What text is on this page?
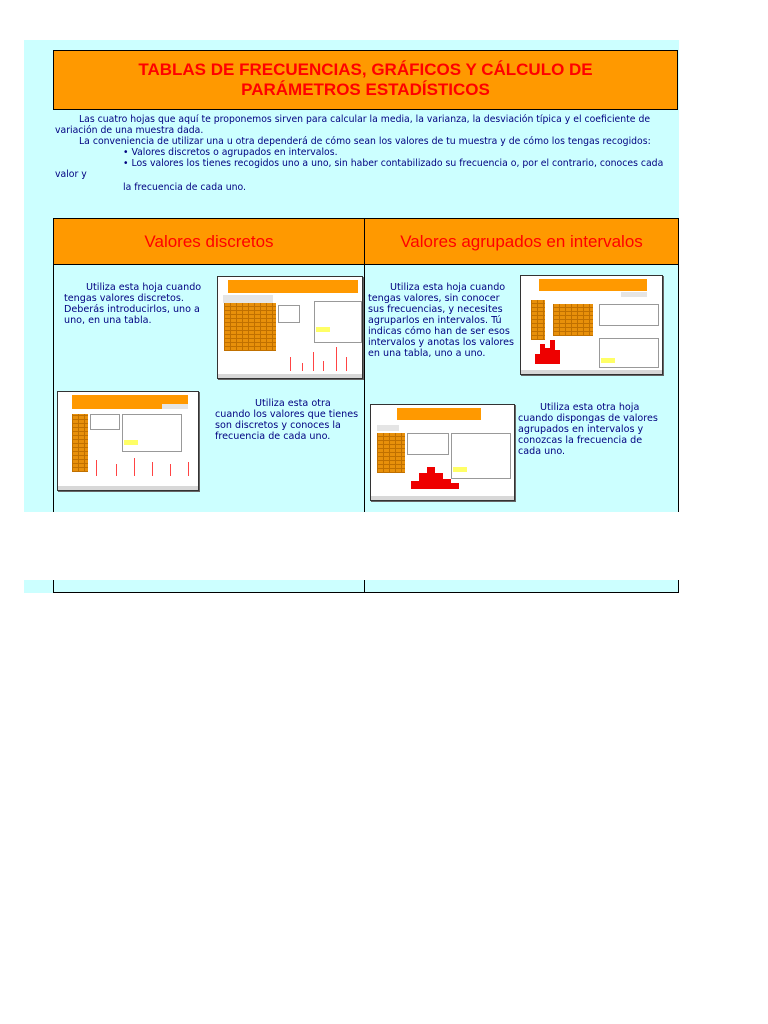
TABLAS DE FRECUENCIAS, GRÁFICOS Y CÁLCULO DE PARÁMETROS ESTADÍSTICOS

Las cuatro hojas que aquí te proponemos sirven para calcular la media, la varianza, la desviación típica y el coeficiente de

variación de una muestra dada.

La conveniencia de utilizar una u otra dependerá de cómo sean los valores de tu muestra y de cómo los tengas recogidos:

• Valores discretos o agrupados en intervalos.

• Los valores los tienes recogidos uno a uno, sin haber contabilizado su frecuencia o, por el contrario, conoces cada

valor y

la frecuencia de cada uno.

Valores discretos	Valores agrupados en intervalos
Utiliza esta hoja cuando tengas valores discretos. Deberás introducirlos, uno a uno, en una tabla.
Utiliza esta otra cuando los valores que tienes son discretos y conoces la frecuencia de cada uno.
Utiliza esta hoja cuando tengas valores, sin conocer sus frecuencias, y necesites agruparlos en intervalos. Tú indicas cómo han de ser esos intervalos y anotas los valores en una tabla, uno a uno.
Utiliza esta otra hoja cuando dispongas de valores agrupados en intervalos y conozcas la frecuencia de cada uno.
